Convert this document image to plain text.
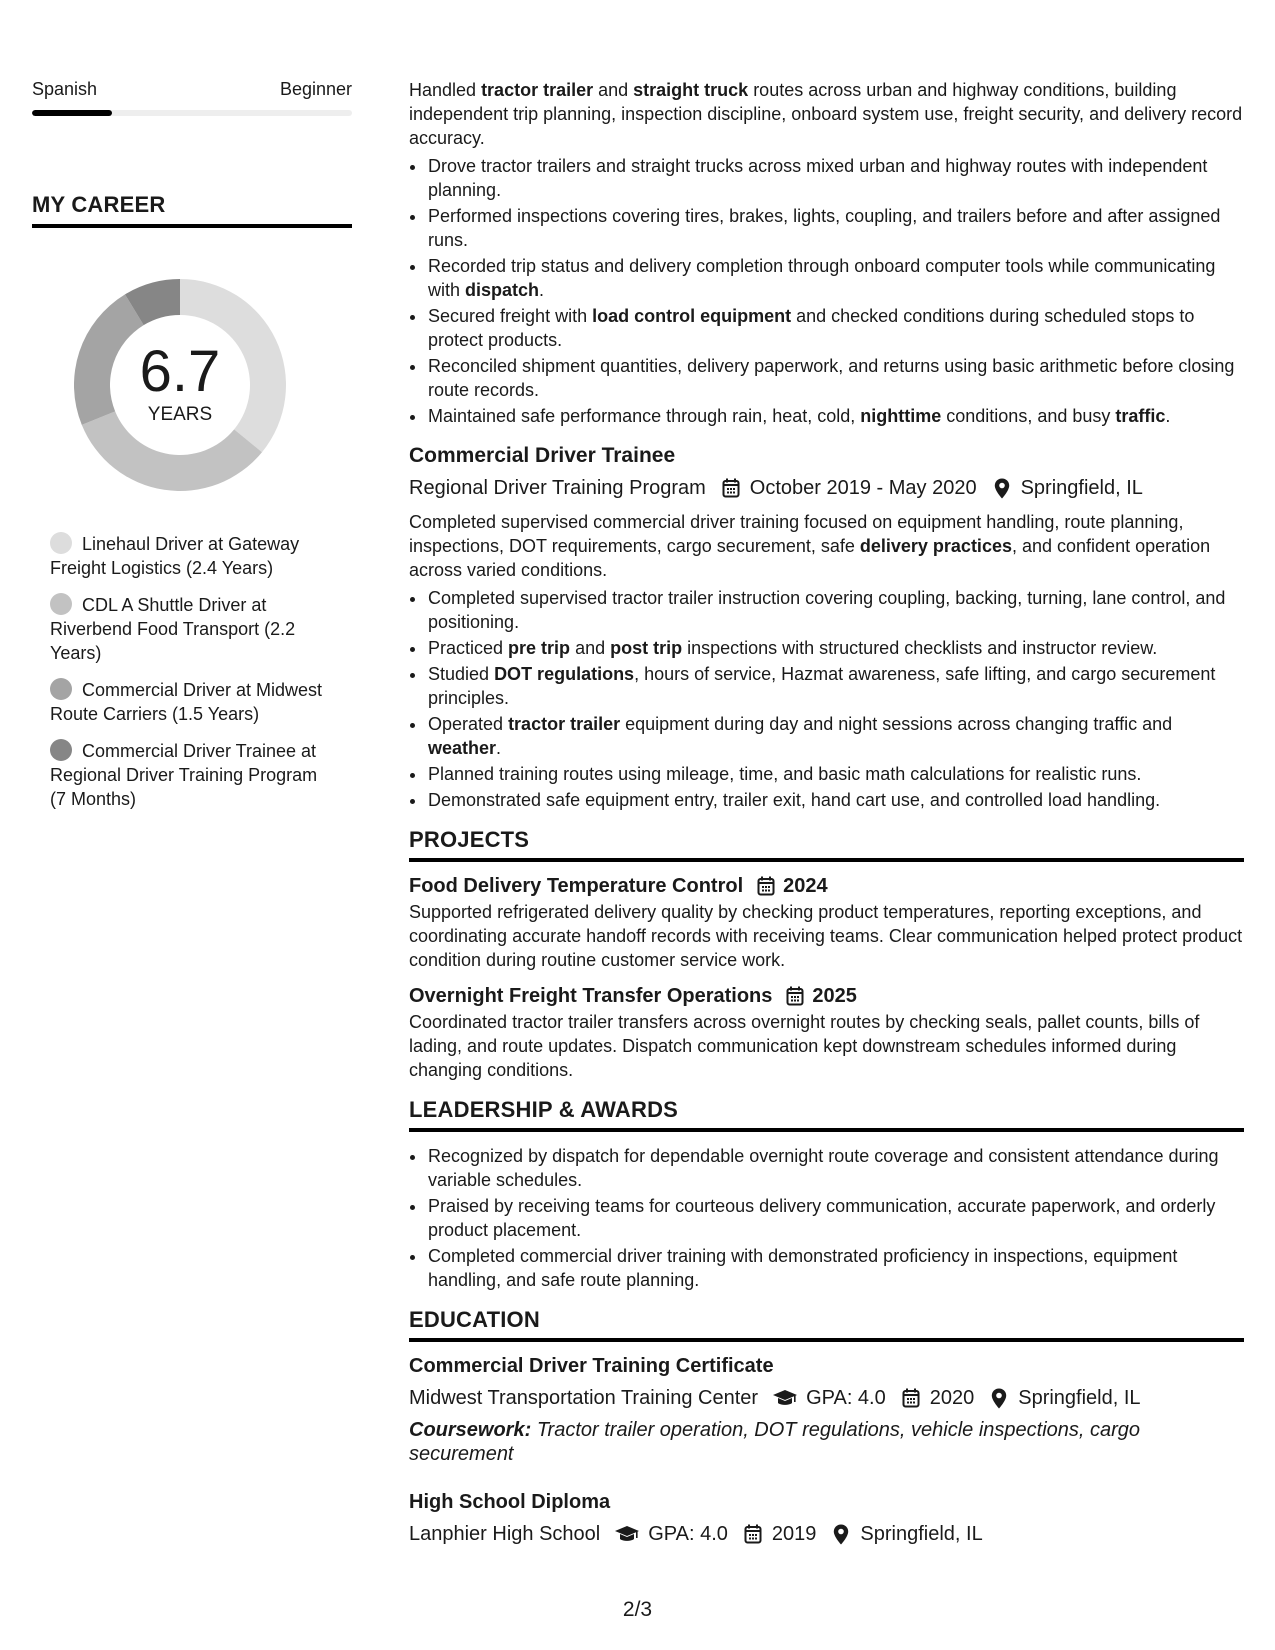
Spanish	Beginner
MY CAREER
6.7
YEARS
Linehaul Driver at Gateway Freight Logistics (2.4 Years)
CDL A Shuttle Driver at Riverbend Food Transport (2.2 Years)
Commercial Driver at Midwest Route Carriers (1.5 Years)
Commercial Driver Trainee at Regional Driver Training Program (7 Months)

Handled tractor trailer and straight truck routes across urban and highway conditions, building independent trip planning, inspection discipline, onboard system use, freight security, and delivery record accuracy.

• Drove tractor trailers and straight trucks across mixed urban and highway routes with independent planning.
• Performed inspections covering tires, brakes, lights, coupling, and trailers before and after assigned runs.
• Recorded trip status and delivery completion through onboard computer tools while communicating with dispatch.
• Secured freight with load control equipment and checked conditions during scheduled stops to protect products.
• Reconciled shipment quantities, delivery paperwork, and returns using basic arithmetic before closing route records.
• Maintained safe performance through rain, heat, cold, nighttime conditions, and busy traffic.
Commercial Driver Trainee
Regional Driver Training Program October 2019 - May 2020 Springfield, IL

Completed supervised commercial driver training focused on equipment handling, route planning, inspections, DOT requirements, cargo securement, safe delivery practices, and confident operation across varied conditions.

• Completed supervised tractor trailer instruction covering coupling, backing, turning, lane control, and positioning.
• Practiced pre trip and post trip inspections with structured checklists and instructor review.
• Studied DOT regulations, hours of service, Hazmat awareness, safe lifting, and cargo securement principles.
• Operated tractor trailer equipment during day and night sessions across changing traffic and weather.
• Planned training routes using mileage, time, and basic math calculations for realistic runs.
• Demonstrated safe equipment entry, trailer exit, hand cart use, and controlled load handling.
PROJECTS
Food Delivery Temperature Control 2024

Supported refrigerated delivery quality by checking product temperatures, reporting exceptions, and coordinating accurate handoff records with receiving teams. Clear communication helped protect product condition during routine customer service work.

Overnight Freight Transfer Operations 2025

Coordinated tractor trailer transfers across overnight routes by checking seals, pallet counts, bills of lading, and route updates. Dispatch communication kept downstream schedules informed during changing conditions.

LEADERSHIP & AWARDS
• Recognized by dispatch for dependable overnight route coverage and consistent attendance during variable schedules.
• Praised by receiving teams for courteous delivery communication, accurate paperwork, and orderly product placement.
• Completed commercial driver training with demonstrated proficiency in inspections, equipment handling, and safe route planning.
EDUCATION
Commercial Driver Training Certificate
Midwest Transportation Training Center GPA: 4.0 2020 Springfield, IL
Coursework: Tractor trailer operation, DOT regulations, vehicle inspections, cargo securement
High School Diploma
Lanphier High School GPA: 4.0 2019 Springfield, IL
2/3
